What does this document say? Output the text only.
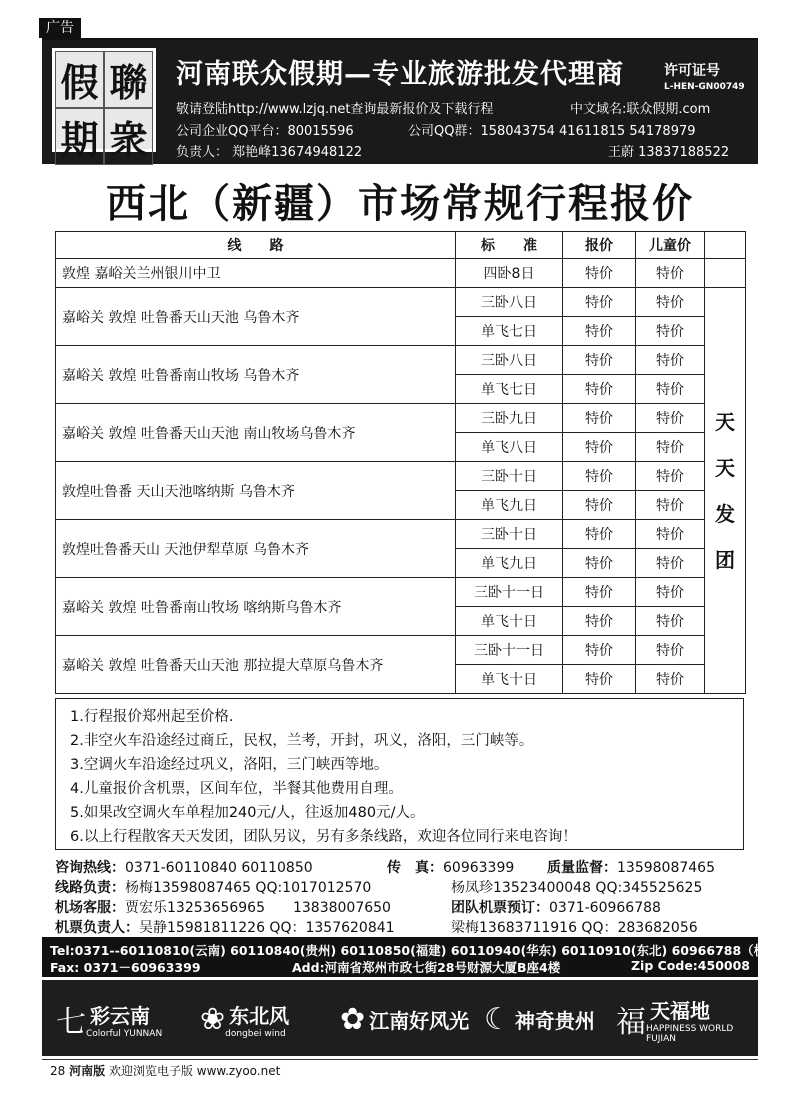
广告
假 聯
期 衆
河南联众假期—专业旅游批发代理商	许可证号
L-HEN-GN00749
敬请登陆http://www.lzjq.net查询最新报价及下载行程	中文域名:联众假期.com
公司企业QQ平台：80015596	公司QQ群：158043754 41611815 54178979
负责人： 郑艳峰13674948122	王蔚 13837188522
西北（新疆）市场常规行程报价
线　　路	标　　准	报价	儿童价	
敦煌 嘉峪关兰州银川中卫	四卧8日	特价	特价	
嘉峪关 敦煌 吐鲁番天山天池 乌鲁木齐	三卧八日	特价	特价	天
天
发
团

	单飞七日	特价	特价	
嘉峪关 敦煌 吐鲁番南山牧场 乌鲁木齐	三卧八日	特价	特价	
	单飞七日	特价	特价	
嘉峪关 敦煌 吐鲁番天山天池 南山牧场乌鲁木齐	三卧九日	特价	特价	
	单飞八日	特价	特价	
敦煌吐鲁番 天山天池喀纳斯 乌鲁木齐	三卧十日	特价	特价	
	单飞九日	特价	特价	
敦煌吐鲁番天山 天池伊犁草原 乌鲁木齐	三卧十日	特价	特价	
	单飞九日	特价	特价	
嘉峪关 敦煌 吐鲁番南山牧场 喀纳斯乌鲁木齐	三卧十一日	特价	特价	
	单飞十日	特价	特价	
嘉峪关 敦煌 吐鲁番天山天池 那拉提大草原乌鲁木齐	三卧十一日	特价	特价	
	单飞十日	特价	特价	
1.行程报价郑州起至价格.
2.非空火车沿途经过商丘，民权，兰考，开封，巩义，洛阳，三门峡等。
3.空调火车沿途经过巩义，洛阳，三门峡西等地。
4.儿童报价含机票，区间车位，半餐其他费用自理。
5.如果改空调火车单程加240元/人，往返加480元/人。
6.以上行程散客天天发团，团队另议，另有多条线路，欢迎各位同行来电咨询！
咨询热线：0371-60110840 60110850	传　真：60963399 质量监督：13598087465
线路负责：杨梅13598087465 QQ:1017012570	杨凤珍13523400048 QQ:345525625
机场客服：贾宏乐13253656965　　13838007650	团队机票预订：0371-60966788
机票负责人：吴静15981811226 QQ：1357620841	梁梅13683711916 QQ：283682056
Tel:0371--60110810(云南) 60110840(贵州) 60110850(福建) 60110940(华东) 60110910(东北) 60966788（机票）
Fax: 0371－60963399	Add:河南省郑州市政七街28号财源大厦B座4楼	Zip Code:450008
七 彩云南
Colorful YUNNAN ❀ 东北风
dongbei wind ✿ 江南好风光 ☾ 神奇贵州 福 天福地
HAPPINESS WORLD FUJIAN
28 河南版 欢迎浏览电子版 www.zyoo.net
